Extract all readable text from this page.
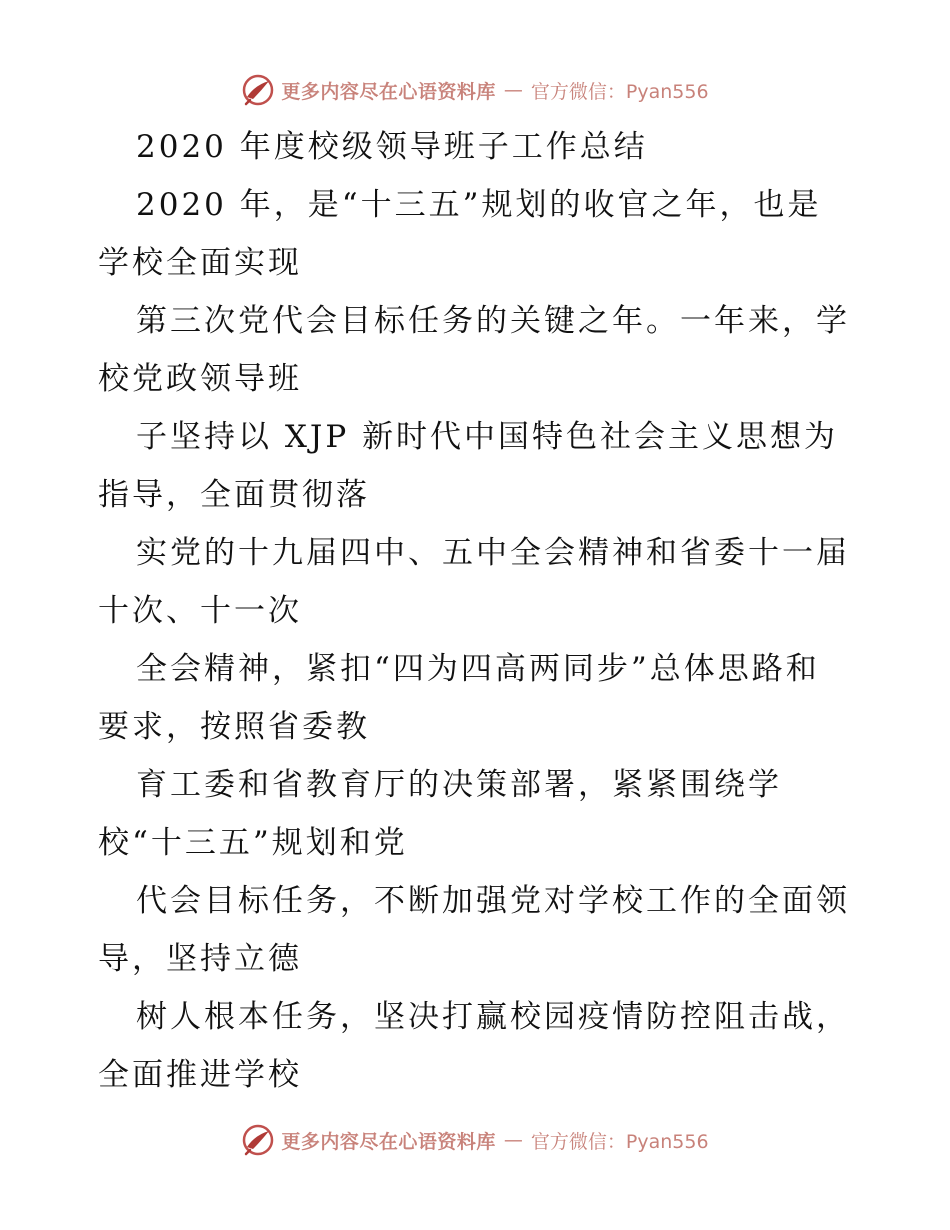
更多内容尽在心语资料库 — 官方微信：Pyan556

2020 年度校级领导班子工作总结

2020 年，是“十三五”规划的收官之年，也是

学校全面实现

第三次党代会目标任务的关键之年。一年来，学

校党政领导班

子坚持以 XJP 新时代中国特色社会主义思想为

指导，全面贯彻落

实党的十九届四中、五中全会精神和省委十一届

十次、十一次

全会精神，紧扣“四为四高两同步”总体思路和

要求，按照省委教

育工委和省教育厅的决策部署，紧紧围绕学

校“十三五”规划和党

代会目标任务，不断加强党对学校工作的全面领

导，坚持立德

树人根本任务，坚决打赢校园疫情防控阻击战，

全面推进学校

更多内容尽在心语资料库 — 官方微信：Pyan556
